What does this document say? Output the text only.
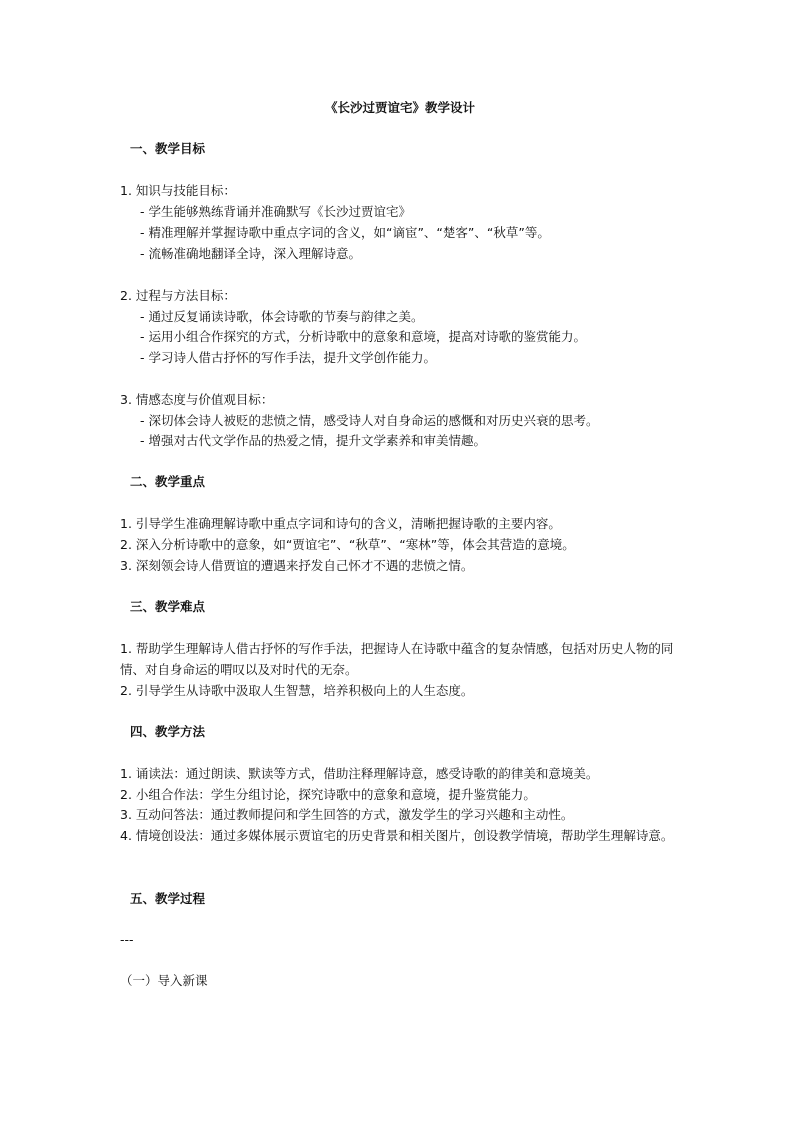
《长沙过贾谊宅》教学设计
一、教学目标
1. 知识与技能目标：
- 学生能够熟练背诵并准确默写《长沙过贾谊宅》
- 精准理解并掌握诗歌中重点字词的含义，如“谪宦”、“楚客”、“秋草”等。
- 流畅准确地翻译全诗，深入理解诗意。
2. 过程与方法目标：
- 通过反复诵读诗歌，体会诗歌的节奏与韵律之美。
- 运用小组合作探究的方式，分析诗歌中的意象和意境，提高对诗歌的鉴赏能力。
- 学习诗人借古抒怀的写作手法，提升文学创作能力。
3. 情感态度与价值观目标：
- 深切体会诗人被贬的悲愤之情，感受诗人对自身命运的感慨和对历史兴衰的思考。
- 增强对古代文学作品的热爱之情，提升文学素养和审美情趣。
二、教学重点
1. 引导学生准确理解诗歌中重点字词和诗句的含义，清晰把握诗歌的主要内容。
2. 深入分析诗歌中的意象，如“贾谊宅”、“秋草”、“寒林”等，体会其营造的意境。
3. 深刻领会诗人借贾谊的遭遇来抒发自己怀才不遇的悲愤之情。
三、教学难点
1. 帮助学生理解诗人借古抒怀的写作手法，把握诗人在诗歌中蕴含的复杂情感，包括对历史人物的同情、对自身命运的喟叹以及对时代的无奈。
2. 引导学生从诗歌中汲取人生智慧，培养积极向上的人生态度。
四、教学方法
1. 诵读法：通过朗读、默读等方式，借助注释理解诗意，感受诗歌的韵律美和意境美。
2. 小组合作法：学生分组讨论，探究诗歌中的意象和意境，提升鉴赏能力。
3. 互动问答法：通过教师提问和学生回答的方式，激发学生的学习兴趣和主动性。
4. 情境创设法：通过多媒体展示贾谊宅的历史背景和相关图片，创设教学情境，帮助学生理解诗意。
五、教学过程
---
（一）导入新课
